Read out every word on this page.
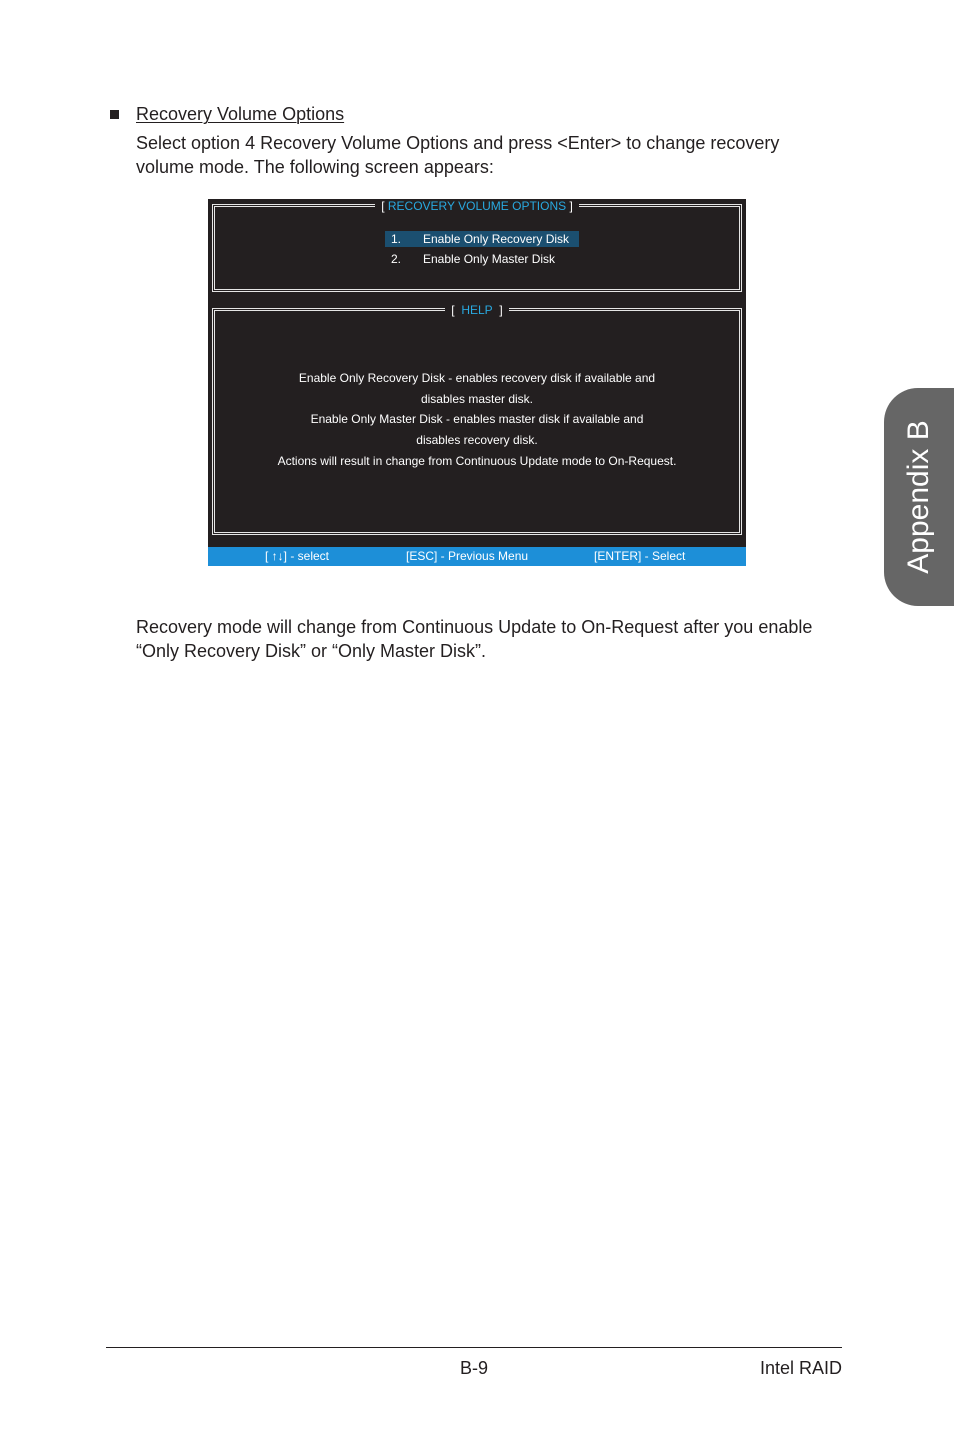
Recovery Volume Options

Select option 4 Recovery Volume Options and press <Enter> to change recovery volume mode. The following screen appears:

[ RECOVERY VOLUME OPTIONS ]
1. Enable Only Recovery Disk
2. Enable Only Master Disk
[  HELP  ]
Enable Only Recovery Disk - enables recovery disk if available and
disables master disk.
Enable Only Master Disk - enables master disk if available and
disables recovery disk.
Actions will result in change from Continuous Update mode to On-Request.
[ ↑↓] - select	[ESC] - Previous Menu	[ENTER] - Select

Recovery mode will change from Continuous Update to On-Request after you enable “Only Recovery Disk” or “Only Master Disk”.

Appendix B
B-9	Intel RAID
